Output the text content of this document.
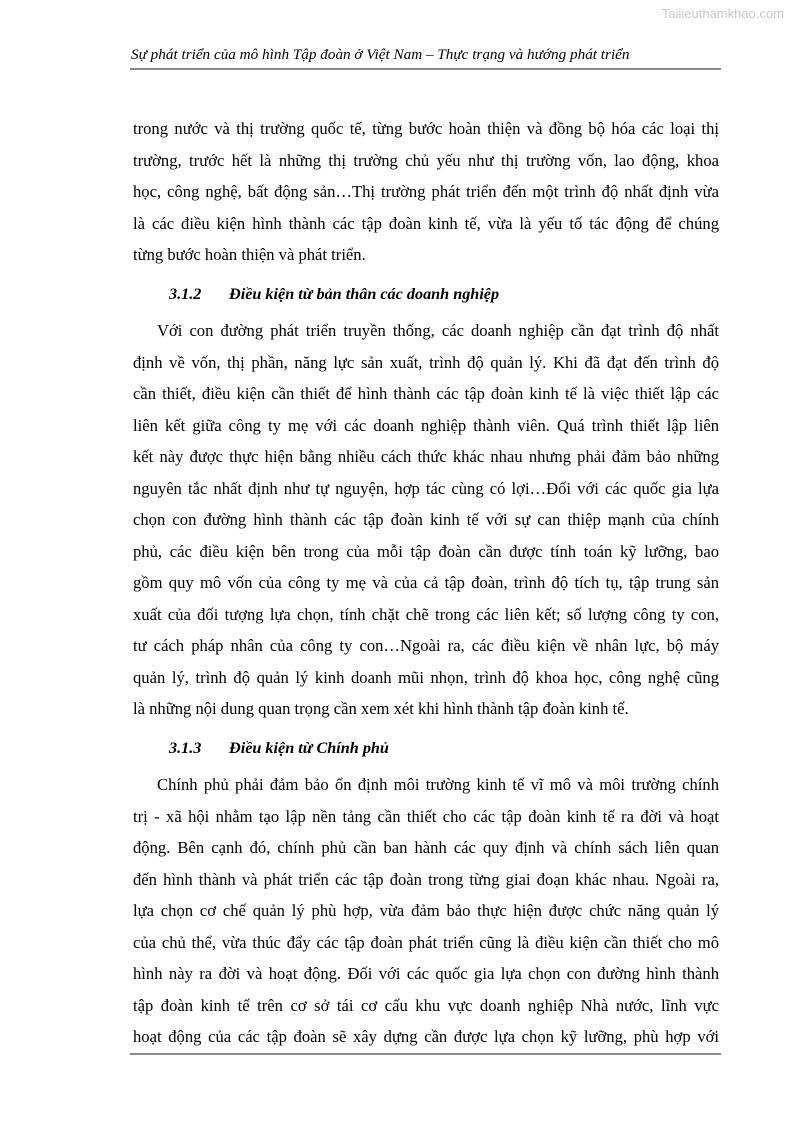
Tailieuthamkhao.com
Sự phát triển của mô hình Tập đoàn ở Việt Nam – Thực trạng và hướng phát triển
trong nước và thị trường quốc tế, từng bước hoàn thiện và đồng bộ hóa các loại thị
trường, trước hết là những thị trường chủ yếu như thị trường vốn, lao động, khoa
học, công nghệ, bất động sản…Thị trường phát triển đến một trình độ nhất định vừa
là các điều kiện hình thành các tập đoàn kinh tế, vừa là yếu tố tác động để chúng
từng bước hoàn thiện và phát triển.
3.1.2	Điều kiện từ bản thân các doanh nghiệp
Với con đường phát triển truyền thống, các doanh nghiệp cần đạt trình độ nhất
định về vốn, thị phần, năng lực sản xuất, trình độ quản lý. Khi đã đạt đến trình độ
cần thiết, điều kiện cần thiết để hình thành các tập đoàn kinh tế là việc thiết lập các
liên kết giữa công ty mẹ với các doanh nghiệp thành viên. Quá trình thiết lập liên
kết này được thực hiện bằng nhiều cách thức khác nhau nhưng phải đảm bảo những
nguyên tắc nhất định như tự nguyện, hợp tác cùng có lợi…Đối với các quốc gia lựa
chọn con đường hình thành các tập đoàn kinh tế với sự can thiệp mạnh của chính
phủ, các điều kiện bên trong của mỗi tập đoàn cần được tính toán kỹ lưỡng, bao
gồm quy mô vốn của công ty mẹ và của cả tập đoàn, trình độ tích tụ, tập trung sản
xuất của đối tượng lựa chọn, tính chặt chẽ trong các liên kết; số lượng công ty con,
tư cách pháp nhân của công ty con…Ngoài ra, các điều kiện về nhân lực, bộ máy
quản lý, trình độ quản lý kinh doanh mũi nhọn, trình độ khoa học, công nghệ cũng
là những nội dung quan trọng cần xem xét khi hình thành tập đoàn kinh tế.
3.1.3	Điều kiện từ Chính phủ
Chính phủ phải đảm bảo ổn định môi trường kinh tế vĩ mô và môi trường chính
trị - xã hội nhằm tạo lập nền tảng cần thiết cho các tập đoàn kinh tế ra đời và hoạt
động. Bên cạnh đó, chính phủ cần ban hành các quy định và chính sách liên quan
đến hình thành và phát triển các tập đoàn trong từng giai đoạn khác nhau. Ngoài ra,
lựa chọn cơ chế quản lý phù hợp, vừa đảm bảo thực hiện được chức năng quản lý
của chủ thể, vừa thúc đẩy các tập đoàn phát triển cũng là điều kiện cần thiết cho mô
hình này ra đời và hoạt động. Đối với các quốc gia lựa chọn con đường hình thành
tập đoàn kinh tế trên cơ sở tái cơ cấu khu vực doanh nghiệp Nhà nước, lĩnh vực
hoạt động của các tập đoàn sẽ xây dựng cần được lựa chọn kỹ lưỡng, phù hợp với
